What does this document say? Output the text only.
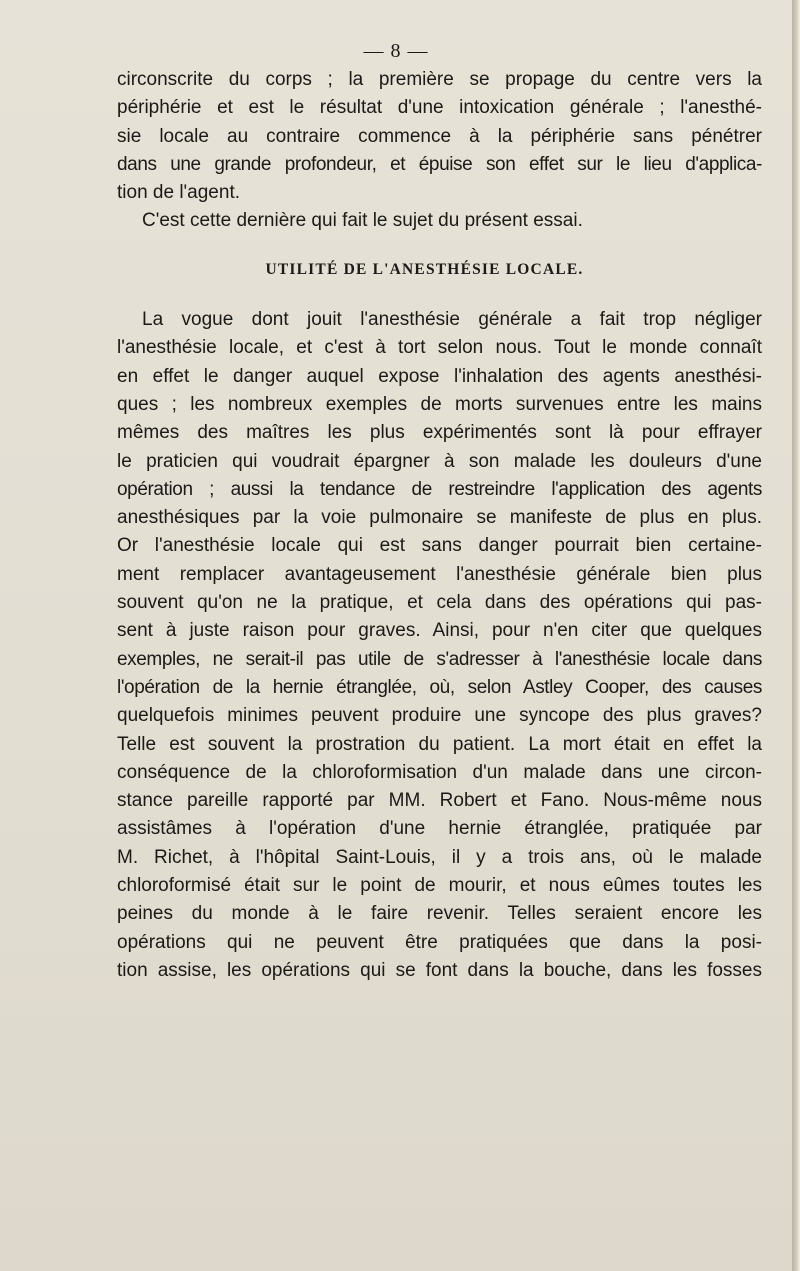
— 8 —
circonscrite du corps ; la première se propage du centre vers la
périphérie et est le résultat d'une intoxication générale ; l'anesthé-
sie locale au contraire commence à la périphérie sans pénétrer
dans une grande profondeur, et épuise son effet sur le lieu d'applica-
tion de l'agent.
C'est cette dernière qui fait le sujet du présent essai.
UTILITÉ DE L'ANESTHÉSIE LOCALE.
La vogue dont jouit l'anesthésie générale a fait trop négliger
l'anesthésie locale, et c'est à tort selon nous. Tout le monde connaît
en effet le danger auquel expose l'inhalation des agents anesthési-
ques ; les nombreux exemples de morts survenues entre les mains
mêmes des maîtres les plus expérimentés sont là pour effrayer
le praticien qui voudrait épargner à son malade les douleurs d'une
opération ; aussi la tendance de restreindre l'application des agents
anesthésiques par la voie pulmonaire se manifeste de plus en plus.
Or l'anesthésie locale qui est sans danger pourrait bien certaine-
ment remplacer avantageusement l'anesthésie générale bien plus
souvent qu'on ne la pratique, et cela dans des opérations qui pas-
sent à juste raison pour graves. Ainsi, pour n'en citer que quelques
exemples, ne serait-il pas utile de s'adresser à l'anesthésie locale dans
l'opération de la hernie étranglée, où, selon Astley Cooper, des causes
quelquefois minimes peuvent produire une syncope des plus graves?
Telle est souvent la prostration du patient. La mort était en effet la
conséquence de la chloroformisation d'un malade dans une circon-
stance pareille rapporté par MM. Robert et Fano. Nous-même nous
assistâmes à l'opération d'une hernie étranglée, pratiquée par
M. Richet, à l'hôpital Saint-Louis, il y a trois ans, où le malade
chloroformisé était sur le point de mourir, et nous eûmes toutes les
peines du monde à le faire revenir. Telles seraient encore les
opérations qui ne peuvent être pratiquées que dans la posi-
tion assise, les opérations qui se font dans la bouche, dans les fosses
